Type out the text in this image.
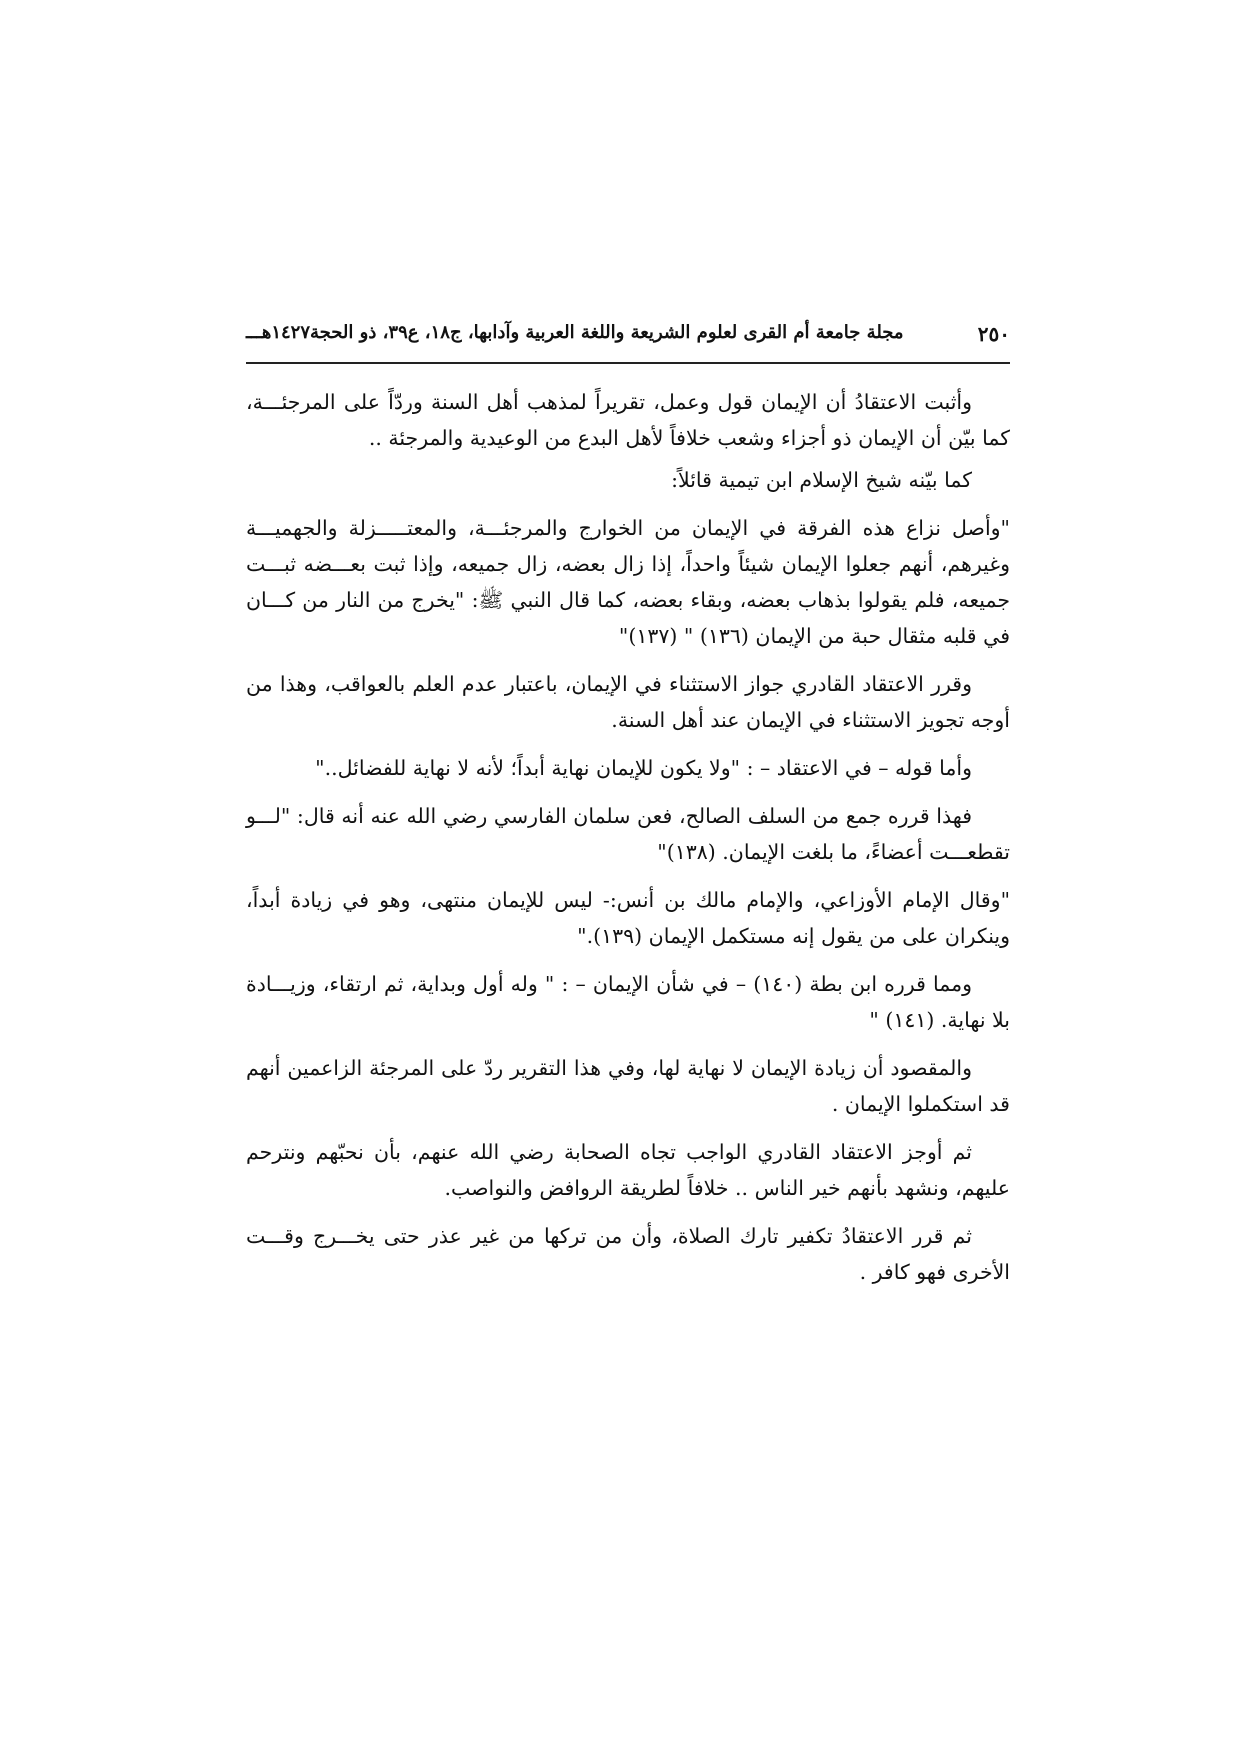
٢٥٠
مجلة جامعة أم القرى لعلوم الشريعة واللغة العربية وآدابها، ج١٨، ع٣٩، ذو الحجة١٤٢٧هـــ

وأثبت الاعتقادُ أن الإيمان قول وعمل، تقريراً لمذهب أهل السنة وردّاً على المرجئـــة، كما بيّن أن الإيمان ذو أجزاء وشعب خلافاً لأهل البدع من الوعيدية والمرجئة ..

كما بيّنه شيخ الإسلام ابن تيمية قائلاً:

"وأصل نزاع هذه الفرقة في الإيمان من الخوارج والمرجئـــة، والمعتـــــزلة والجهميـــة وغيرهم، أنهم جعلوا الإيمان شيئاً واحداً، إذا زال بعضه، زال جميعه، وإذا ثبت بعـــضه ثبـــت جميعه، فلم يقولوا بذهاب بعضه، وبقاء بعضه، كما قال النبي ﷺ: "يخرج من النار من كـــان في قلبه مثقال حبة من الإيمان (١٣٦) " (١٣٧)"

وقرر الاعتقاد القادري جواز الاستثناء في الإيمان، باعتبار عدم العلم بالعواقب، وهذا من أوجه تجويز الاستثناء في الإيمان عند أهل السنة.

وأما قوله – في الاعتقاد – : "ولا يكون للإيمان نهاية أبداً؛ لأنه لا نهاية للفضائل.."

فهذا قرره جمع من السلف الصالح، فعن سلمان الفارسي رضي الله عنه أنه قال: "لـــو تقطعـــت أعضاءً، ما بلغت الإيمان. (١٣٨)"

"وقال الإمام الأوزاعي، والإمام مالك بن أنس:- ليس للإيمان منتهى، وهو في زيادة أبداً، وينكران على من يقول إنه مستكمل الإيمان (١٣٩)."

ومما قرره ابن بطة (١٤٠) – في شأن الإيمان – : " وله أول وبداية، ثم ارتقاء، وزيـــادة بلا نهاية. (١٤١) "

والمقصود أن زيادة الإيمان لا نهاية لها، وفي هذا التقرير ردّ على المرجئة الزاعمين أنهم قد استكملوا الإيمان .

ثم أوجز الاعتقاد القادري الواجب تجاه الصحابة رضي الله عنهم، بأن نحبّهم ونترحم عليهم، ونشهد بأنهم خير الناس .. خلافاً لطريقة الروافض والنواصب.

ثم قرر الاعتقادُ تكفير تارك الصلاة، وأن من تركها من غير عذر حتى يخـــرج وقـــت الأخرى فهو كافر .
